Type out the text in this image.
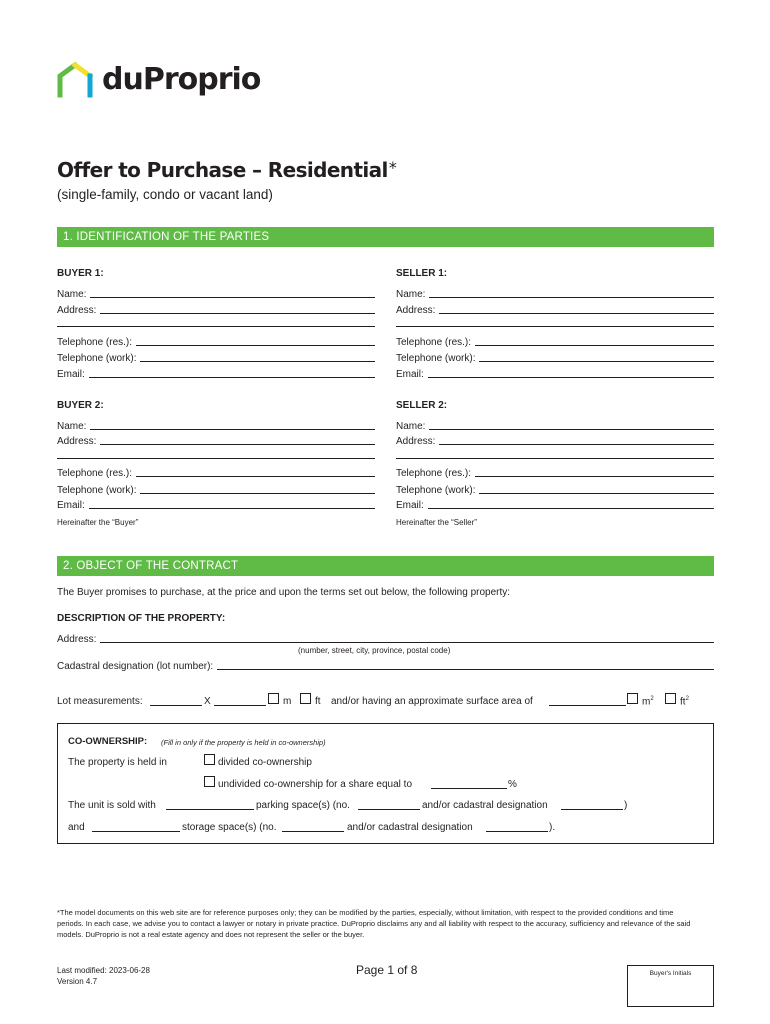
duProprio
Offer to Purchase – Residential*
(single-family, condo or vacant land)
1. IDENTIFICATION OF THE PARTIES
BUYER 1:
Name:
Address:
Telephone (res.):
Telephone (work):
Email:
SELLER 1:
Name:
Address:
Telephone (res.):
Telephone (work):
Email:
BUYER 2:
Name:
Address:
Telephone (res.):
Telephone (work):
Email:
Hereinafter the “Buyer”
SELLER 2:
Name:
Address:
Telephone (res.):
Telephone (work):
Email:
Hereinafter the “Seller”
2. OBJECT OF THE CONTRACT
The Buyer promises to purchase, at the price and upon the terms set out below, the following property:
DESCRIPTION OF THE PROPERTY:
Address:
(number, street, city, province, postal code)
Cadastral designation (lot number):
Lot measurements:	X	m ft and/or having an approximate surface area of	$m^2$	$ft^2$
CO-OWNERSHIP: (Fill in only if the property is held in co-ownership)
The property is held in	divided co-ownership
undivided co-ownership for a share equal to	%
The unit is sold with	parking space(s) (no.	and/or cadastral designation	)
and	storage space(s) (no.	and/or cadastral designation	).
*The model documents on this web site are for reference purposes only; they can be modified by the parties, especially, without limitation, with respect to the provided conditions and time periods. In each case, we advise you to contact a lawyer or notary in private practice. DuProprio disclaims any and all liability with respect to the accuracy, sufficiency and relevance of the said models. DuProprio is not a real estate agency and does not represent the seller or the buyer.
Last modified: 2023-06-28
Version 4.7
Page 1 of 8	Buyer's Initials
